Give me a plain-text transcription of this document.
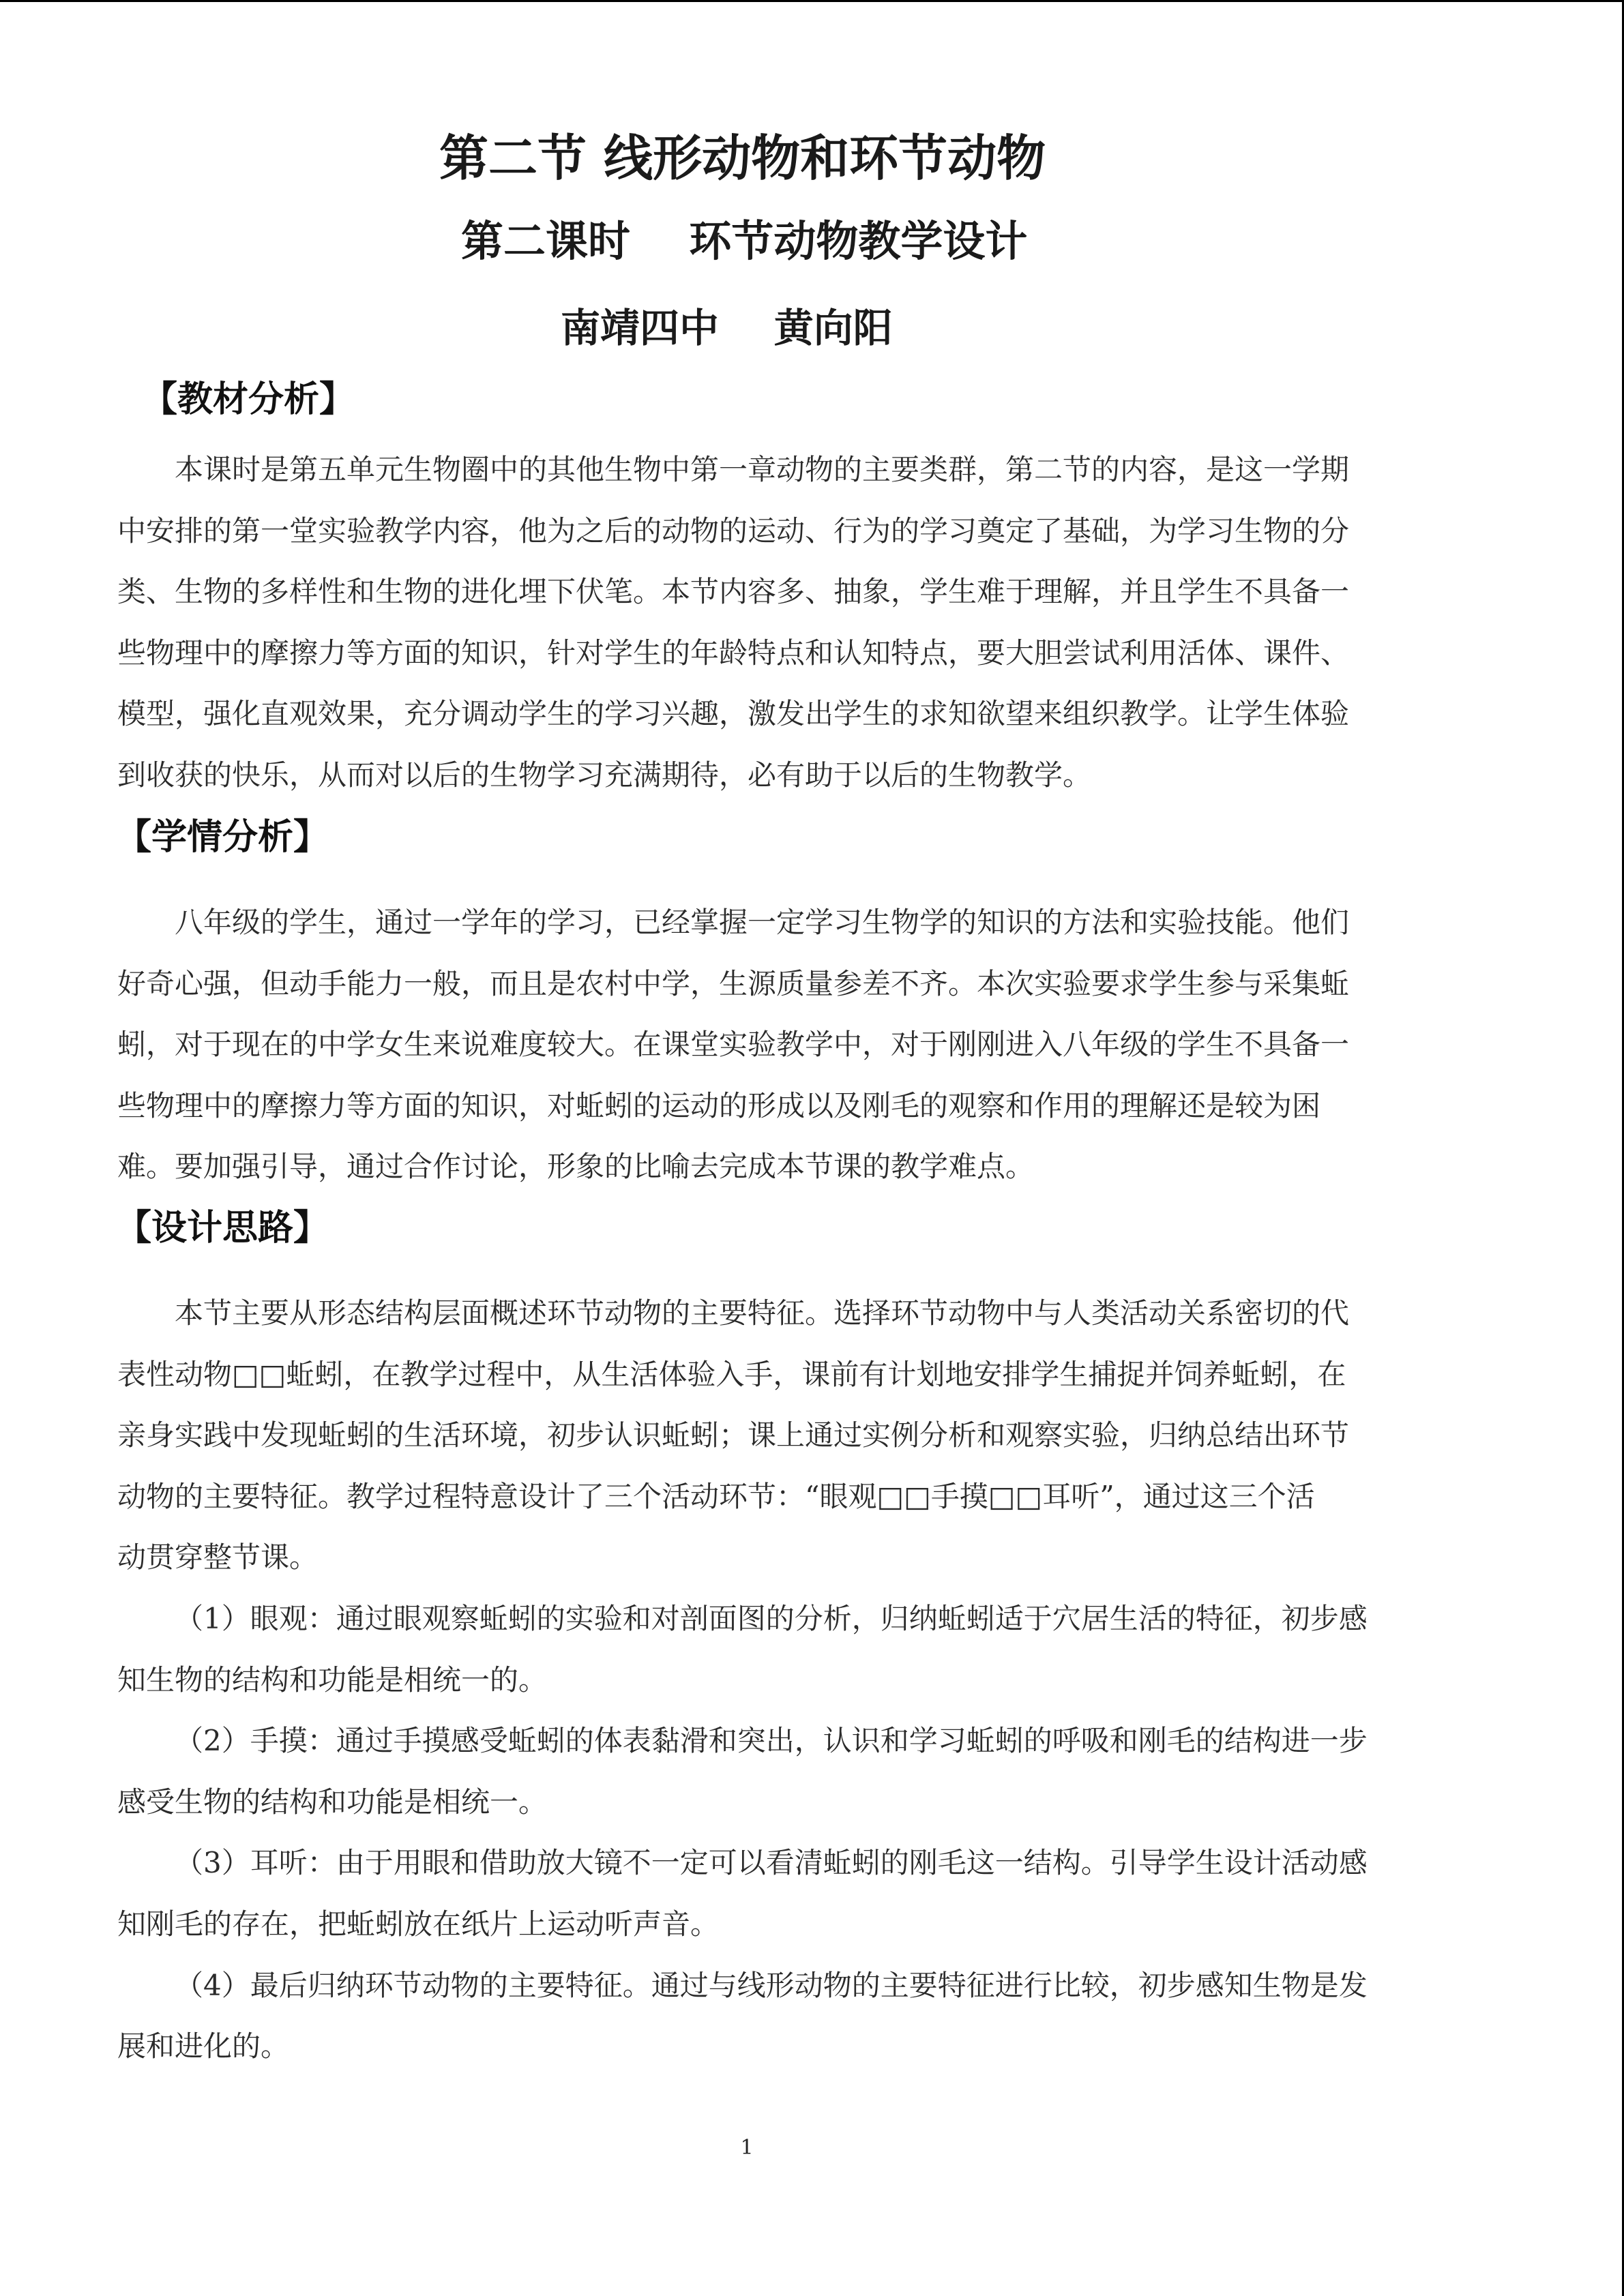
第二节 线形动物和环节动物
第二课时    环节动物教学设计
南靖四中    黄向阳
【教材分析】
本课时是第五单元生物圈中的其他生物中第一章动物的主要类群，第二节的内容，是这一学期
中安排的第一堂实验教学内容，他为之后的动物的运动、行为的学习奠定了基础，为学习生物的分
类、生物的多样性和生物的进化埋下伏笔。本节内容多、抽象，学生难于理解，并且学生不具备一
些物理中的摩擦力等方面的知识，针对学生的年龄特点和认知特点，要大胆尝试利用活体、课件、
模型，强化直观效果，充分调动学生的学习兴趣，激发出学生的求知欲望来组织教学。让学生体验
到收获的快乐，从而对以后的生物学习充满期待，必有助于以后的生物教学。
【学情分析】
八年级的学生，通过一学年的学习，已经掌握一定学习生物学的知识的方法和实验技能。他们
好奇心强，但动手能力一般，而且是农村中学，生源质量参差不齐。本次实验要求学生参与采集蚯
蚓，对于现在的中学女生来说难度较大。在课堂实验教学中，对于刚刚进入八年级的学生不具备一
些物理中的摩擦力等方面的知识，对蚯蚓的运动的形成以及刚毛的观察和作用的理解还是较为困
难。要加强引导，通过合作讨论，形象的比喻去完成本节课的教学难点。
【设计思路】
本节主要从形态结构层面概述环节动物的主要特征。选择环节动物中与人类活动关系密切的代
表性动物□□蚯蚓，在教学过程中，从生活体验入手，课前有计划地安排学生捕捉并饲养蚯蚓，在
亲身实践中发现蚯蚓的生活环境，初步认识蚯蚓；课上通过实例分析和观察实验，归纳总结出环节
动物的主要特征。教学过程特意设计了三个活动环节：“眼观□□手摸□□耳听”，通过这三个活
动贯穿整节课。
（1）眼观：通过眼观察蚯蚓的实验和对剖面图的分析，归纳蚯蚓适于穴居生活的特征，初步感
知生物的结构和功能是相统一的。
（2）手摸：通过手摸感受蚯蚓的体表黏滑和突出，认识和学习蚯蚓的呼吸和刚毛的结构进一步
感受生物的结构和功能是相统一。
（3）耳听：由于用眼和借助放大镜不一定可以看清蚯蚓的刚毛这一结构。引导学生设计活动感
知刚毛的存在，把蚯蚓放在纸片上运动听声音。
（4）最后归纳环节动物的主要特征。通过与线形动物的主要特征进行比较，初步感知生物是发
展和进化的。
1
